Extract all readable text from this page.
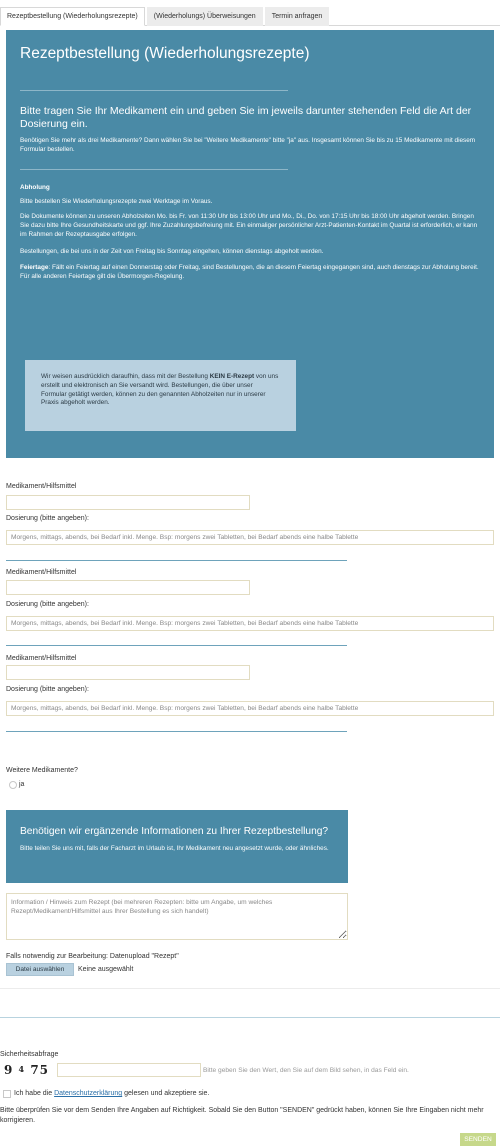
Rezeptbestellung (Wiederholungsrezepte)	(Wiederholungs) Überweisungen	Termin anfragen
Rezeptbestellung (Wiederholungsrezepte)
Bitte tragen Sie Ihr Medikament ein und geben Sie im jeweils darunter stehenden Feld die Art der Dosierung ein.

Benötigen Sie mehr als drei Medikamente? Dann wählen Sie bei "Weitere Medikamente" bitte "ja" aus. Insgesamt können Sie bis zu 15 Medikamente mit diesem Formular bestellen.

Abholung

Bitte bestellen Sie Wiederholungsrezepte zwei Werktage im Voraus.

Die Dokumente können zu unseren Abholzeiten Mo. bis Fr. von 11:30 Uhr bis 13:00 Uhr und Mo., Di., Do. von 17:15 Uhr bis 18:00 Uhr abgeholt werden. Bringen Sie dazu bitte Ihre Gesundheitskarte und ggf. Ihre Zuzahlungsbefreiung mit. Ein einmaliger persönlicher Arzt-Patienten-Kontakt im Quartal ist erforderlich, er kann im Rahmen der Rezeptausgabe erfolgen.

Bestellungen, die bei uns in der Zeit von Freitag bis Sonntag eingehen, können dienstags abgeholt werden.

Feiertage: Fällt ein Feiertag auf einen Donnerstag oder Freitag, sind Bestellungen, die an diesem Feiertag eingegangen sind, auch dienstags zur Abholung bereit. Für alle anderen Feiertage gilt die Übermorgen-Regelung.

Wir weisen ausdrücklich daraufhin, dass mit der Bestellung KEIN E-Rezept von uns erstellt und elektronisch an Sie versandt wird. Bestellungen, die über unser Formular getätigt werden, können zu den genannten Abholzeiten nur in unserer Praxis abgeholt werden.
Medikament/Hilfsmittel
Dosierung (bitte angeben):
Morgens, mittags, abends, bei Bedarf inkl. Menge. Bsp: morgens zwei Tabletten, bei Bedarf abends eine halbe Tablette
Medikament/Hilfsmittel
Dosierung (bitte angeben):
Morgens, mittags, abends, bei Bedarf inkl. Menge. Bsp: morgens zwei Tabletten, bei Bedarf abends eine halbe Tablette
Medikament/Hilfsmittel
Dosierung (bitte angeben):
Morgens, mittags, abends, bei Bedarf inkl. Menge. Bsp: morgens zwei Tabletten, bei Bedarf abends eine halbe Tablette
Weitere Medikamente?
ja
Benötigen wir ergänzende Informationen zu Ihrer Rezeptbestellung?

Bitte teilen Sie uns mit, falls der Facharzt im Urlaub ist, Ihr Medikament neu angesetzt wurde, oder ähnliches.

Information / Hinweis zum Rezept (bei mehreren Rezepten: bitte um Angabe, um welches Rezept/Medikament/Hilfsmittel aus Ihrer Bestellung es sich handelt)
Falls notwendig zur Bearbeitung: Datenupload "Rezept"
Datei auswählen	Keine ausgewählt
Sicherheitsabfrage
9 4 75	Bitte geben Sie den Wert, den Sie auf dem Bild sehen, in das Feld ein.
Ich habe die Datenschutzerklärung gelesen und akzeptiere sie.
Bitte überprüfen Sie vor dem Senden Ihre Angaben auf Richtigkeit. Sobald Sie den Button "SENDEN" gedrückt haben, können Sie Ihre Eingaben nicht mehr korrigieren.
SENDEN
